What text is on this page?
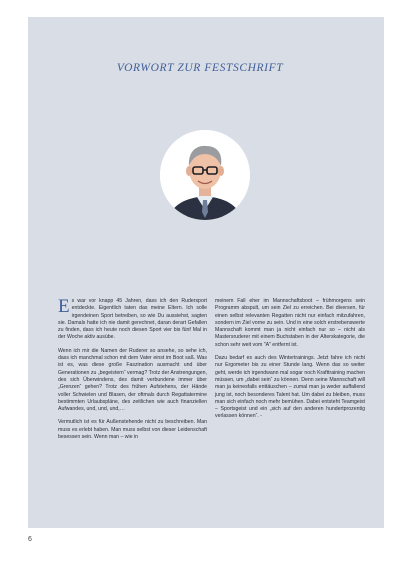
VORWORT ZUR FESTSCHRIFT

Es war vor knapp 45 Jahren, dass ich den Rudersport entdeckte. Eigentlich taten das meine Eltern. Ich solle irgendeinen Sport betreiben, so wie Du aussiehst, sagten sie. Damals hatte ich nie damit gerechnet, daran derart Gefallen zu finden, dass ich heute noch diesen Sport vier bis fünf Mal in der Woche aktiv ausübe.

Wenn ich mir die Namen der Ruderer so ansehe, so sehe ich, dass ich manchmal schon mit dem Vater einst im Boot saß. Was ist es, was diese große Faszination ausmacht und über Generationen zu „begeistern“ vermag? Trotz der Anstrengungen, des sich Überwindens, des damit verbundene immer über „Grenzen“ gehen? Trotz des frühen Aufstehens, der Hände voller Schwielen und Blasen, der oftmals durch Regattatermine bestimmten Urlaubspläne, des zeitlichen wie auch finanziellen Aufwandes, und, und, und,…

Vermutlich ist es für Außenstehende nicht zu beschreiben. Man muss es erlebt haben. Man muss selbst von dieser Leidenschaft besessen sein. Wenn man – wie in

meinem Fall eher im Mannschaftsboot – frühmorgens sein Programm abspult, um sein Ziel zu erreichen. Bei diversen, für einen selbst relevanten Regatten nicht nur einfach mitzufahren, sondern im Ziel vorne zu sein. Und in eine solch erstrebenswerte Mannschaft kommt man ja nicht einfach nur so – nicht als Mastersruderer mit einem Buchstaben in der Alterskategorie, die schon sehr weit vom "A" entfernt ist.

Dazu bedarf es auch des Wintertrainings. Jetzt fahre ich nicht nur Ergometer bis zu einer Stunde lang. Wenn das so weiter geht, werde ich irgendwann mal sogar noch Krafttraining machen müssen, um „dabei sein“ zu können. Denn seine Mannschaft will man ja keinesfalls enttäuschen – zumal man ja weder auffallend jung ist, noch besonderes Talent hat. Um dabei zu bleiben, muss man sich einfach noch mehr bemühen. Dabei entsteht Teamgeist – Sportsgeist und ein „sich auf den anderen hundertprozentig verlassen können“. -

6
